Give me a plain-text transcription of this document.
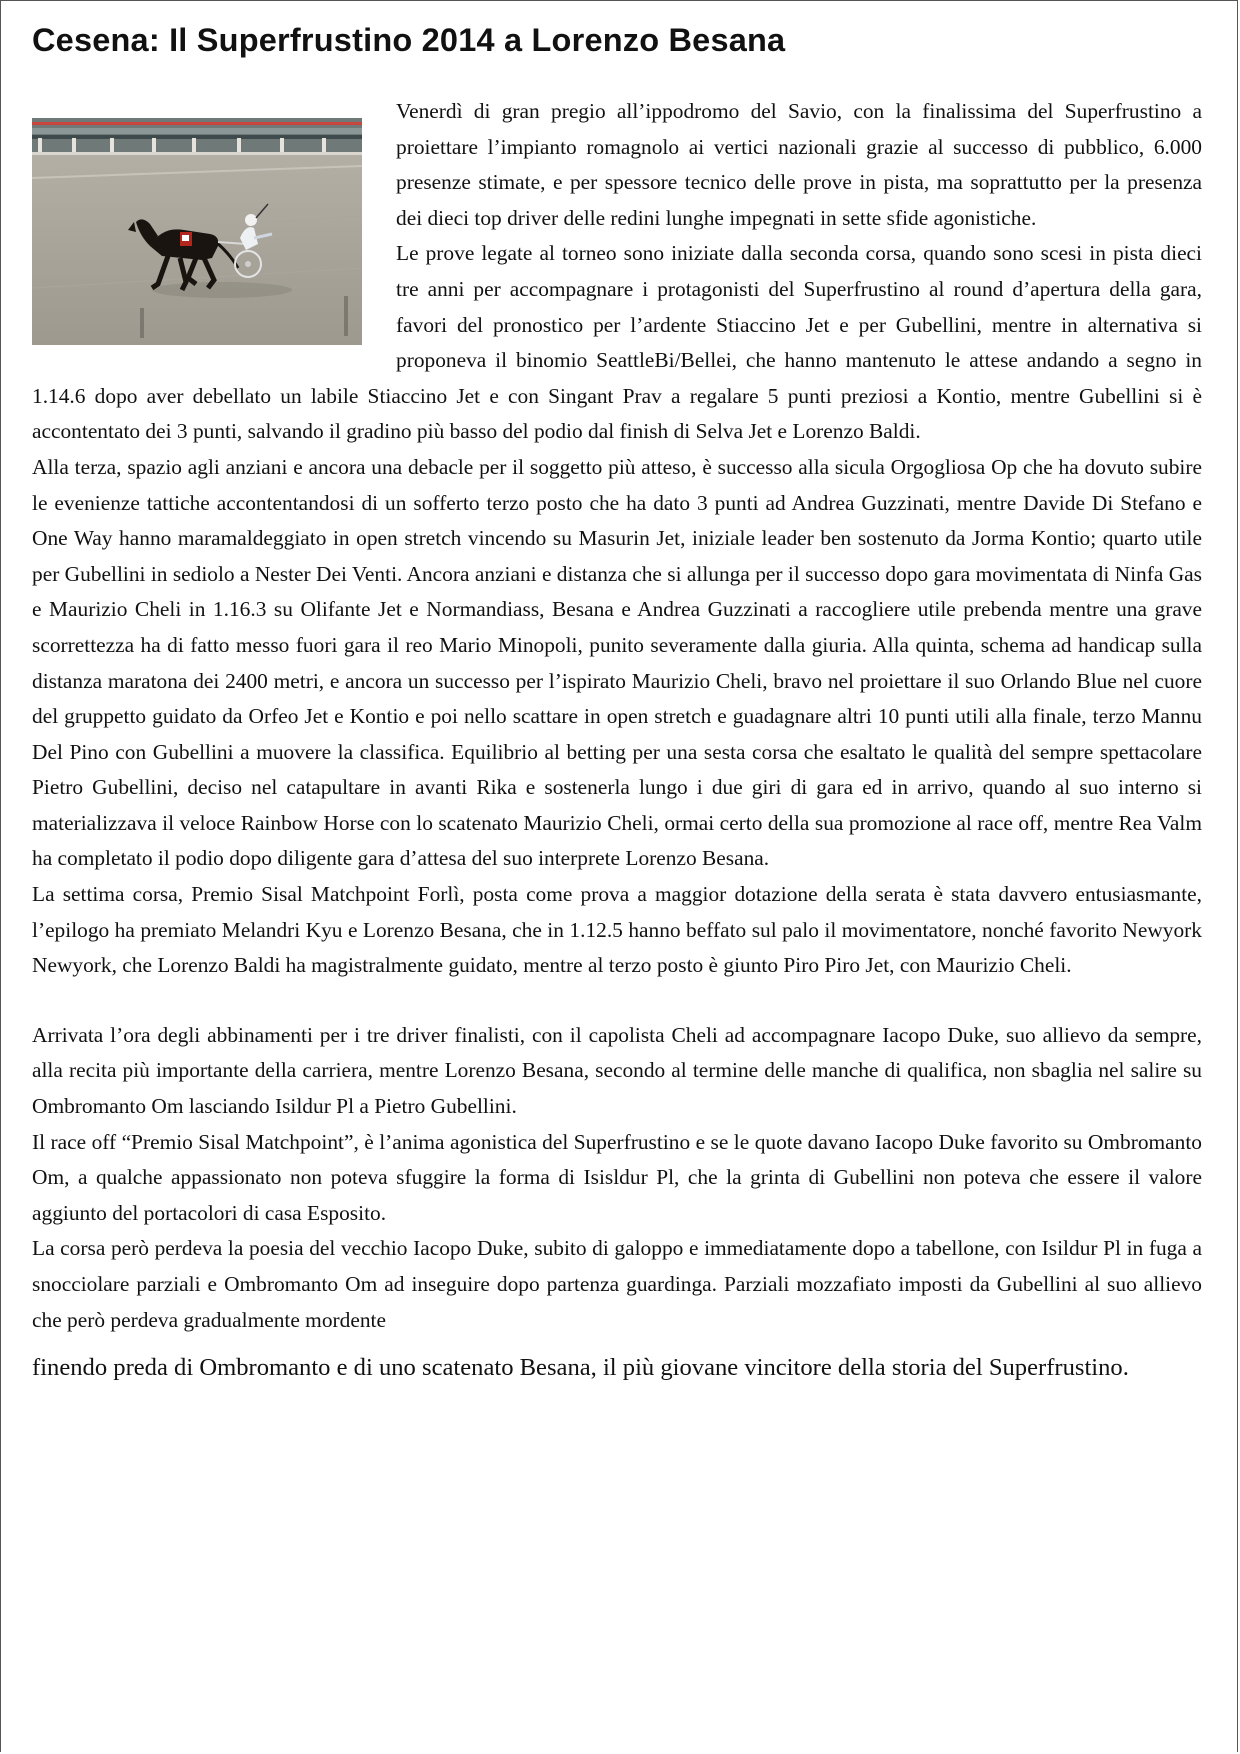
Cesena: Il Superfrustino 2014 a Lorenzo Besana

Venerdì di gran pregio all’ippodromo del Savio, con la finalissima del Superfrustino a proiettare l’impianto romagnolo ai vertici nazionali grazie al successo di pubblico, 6.000 presenze stimate, e per spessore tecnico delle prove in pista, ma soprattutto per la presenza dei dieci top driver delle redini lunghe impegnati in sette sfide agonistiche.

Le prove legate al torneo sono iniziate dalla seconda corsa, quando sono scesi in pista dieci tre anni per accompagnare i protagonisti del Superfrustino al round d’apertura della gara, favori del pronostico per l’ardente Stiaccino Jet e per Gubellini, mentre in alternativa si proponeva il binomio SeattleBi/Bellei, che hanno mantenuto le attese andando a segno in 1.14.6 dopo aver debellato un labile Stiaccino Jet e con Singant Prav a regalare 5 punti preziosi a Kontio, mentre Gubellini si è accontentato dei 3 punti, salvando il gradino più basso del podio dal finish di Selva Jet e Lorenzo Baldi.

Alla terza, spazio agli anziani e ancora una debacle per il soggetto più atteso, è successo alla sicula Orgogliosa Op che ha dovuto subire le evenienze tattiche accontentandosi di un sofferto terzo posto che ha dato 3 punti ad Andrea Guzzinati, mentre Davide Di Stefano e One Way hanno maramaldeggiato in open stretch vincendo su Masurin Jet, iniziale leader ben sostenuto da Jorma Kontio; quarto utile per Gubellini in sediolo a Nester Dei Venti. Ancora anziani e distanza che si allunga per il successo dopo gara movimentata di Ninfa Gas e Maurizio Cheli in 1.16.3 su Olifante Jet e Normandiass, Besana e Andrea Guzzinati a raccogliere utile prebenda mentre una grave scorrettezza ha di fatto messo fuori gara il reo Mario Minopoli, punito severamente dalla giuria. Alla quinta, schema ad handicap sulla distanza maratona dei 2400 metri, e ancora un successo per l’ispirato Maurizio Cheli, bravo nel proiettare il suo Orlando Blue nel cuore del gruppetto guidato da Orfeo Jet e Kontio e poi nello scattare in open stretch e guadagnare altri 10 punti utili alla finale, terzo Mannu Del Pino con Gubellini a muovere la classifica. Equilibrio al betting per una sesta corsa che esaltato le qualità del sempre spettacolare Pietro Gubellini, deciso nel catapultare in avanti Rika e sostenerla lungo i due giri di gara ed in arrivo, quando al suo interno si materializzava il veloce Rainbow Horse con lo scatenato Maurizio Cheli, ormai certo della sua promozione al race off, mentre Rea Valm ha completato il podio dopo diligente gara d’attesa del suo interprete Lorenzo Besana.

La settima corsa, Premio Sisal Matchpoint Forlì, posta come prova a maggior dotazione della serata è stata davvero entusiasmante, l’epilogo ha premiato Melandri Kyu e Lorenzo Besana, che in 1.12.5 hanno beffato sul palo il movimentatore, nonché favorito Newyork Newyork, che Lorenzo Baldi ha magistralmente guidato, mentre al terzo posto è giunto Piro Piro Jet, con Maurizio Cheli.

Arrivata l’ora degli abbinamenti per i tre driver finalisti, con il capolista Cheli ad accompagnare Iacopo Duke, suo allievo da sempre, alla recita più importante della carriera, mentre Lorenzo Besana, secondo al termine delle manche di qualifica, non sbaglia nel salire su Ombromanto Om lasciando Isildur Pl a Pietro Gubellini.

Il race off “Premio Sisal Matchpoint”, è l’anima agonistica del Superfrustino e se le quote davano Iacopo Duke favorito su Ombromanto Om, a qualche appassionato non poteva sfuggire la forma di Isisldur Pl, che la grinta di Gubellini non poteva che essere il valore aggiunto del portacolori di casa Esposito.

La corsa però perdeva la poesia del vecchio Iacopo Duke, subito di galoppo e immediatamente dopo a tabellone, con Isildur Pl in fuga a snocciolare parziali e Ombromanto Om ad inseguire dopo partenza guardinga. Parziali mozzafiato imposti da Gubellini al suo allievo che però perdeva gradualmente mordente

finendo preda di Ombromanto e di uno scatenato Besana, il più giovane vincitore della storia del Superfrustino.
